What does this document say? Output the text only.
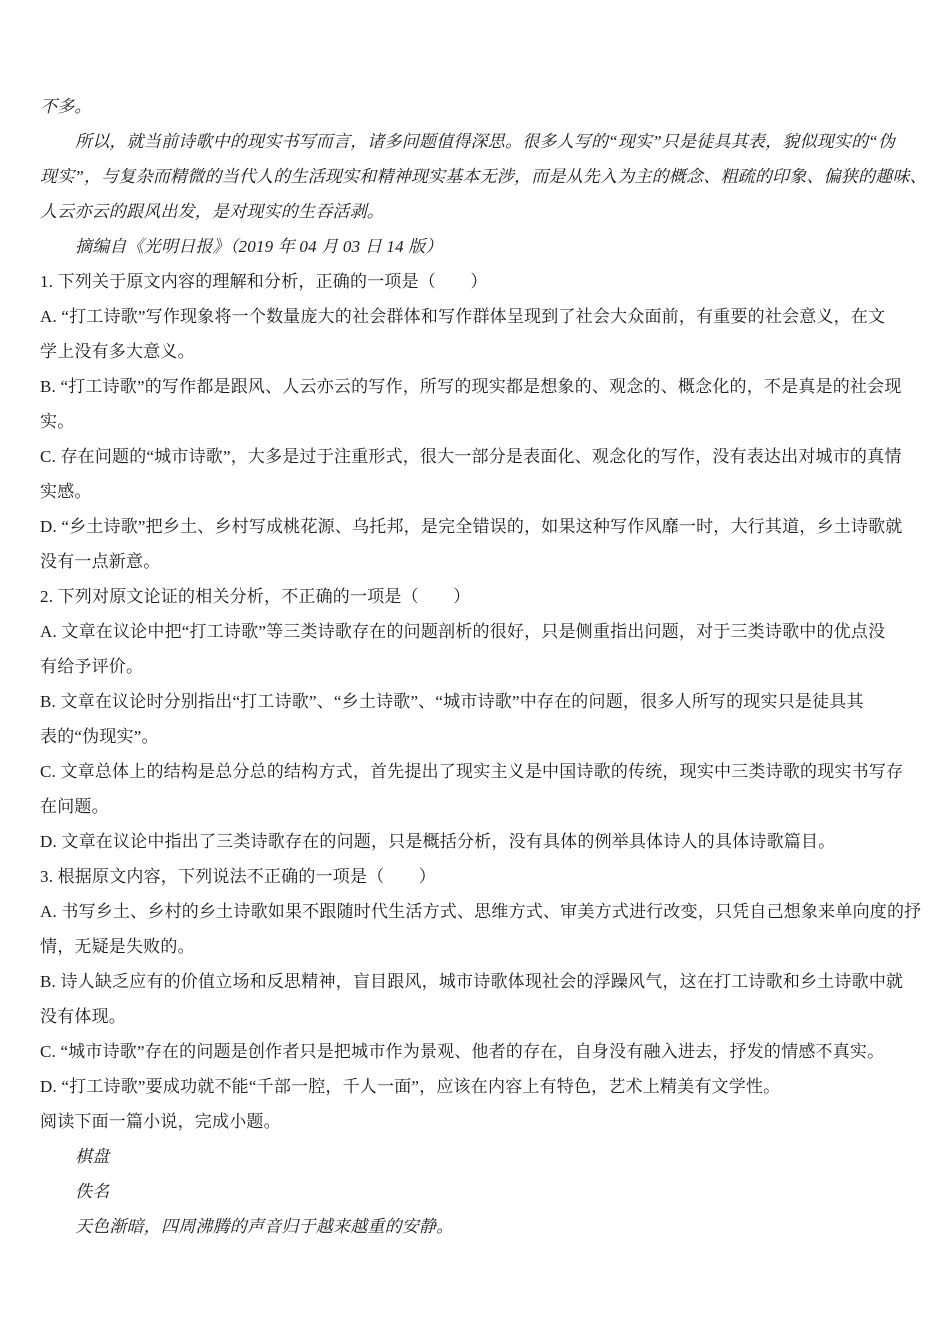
不多。
所以，就当前诗歌中的现实书写而言，诸多问题值得深思。很多人写的“现实”只是徒具其表，貌似现实的“伪
现实”，与复杂而精微的当代人的生活现实和精神现实基本无涉，而是从先入为主的概念、粗疏的印象、偏狭的趣味、
人云亦云的跟风出发，是对现实的生吞活剥。
摘编自《光明日报》（2019 年 04 月 03 日 14 版）
1. 下列关于原文内容的理解和分析，正确的一项是（　　）
A. “打工诗歌”写作现象将一个数量庞大的社会群体和写作群体呈现到了社会大众面前，有重要的社会意义，在文
学上没有多大意义。
B. “打工诗歌”的写作都是跟风、人云亦云的写作，所写的现实都是想象的、观念的、概念化的，不是真是的社会现
实。
C. 存在问题的“城市诗歌”，大多是过于注重形式，很大一部分是表面化、观念化的写作，没有表达出对城市的真情
实感。
D. “乡土诗歌”把乡土、乡村写成桃花源、乌托邦，是完全错误的，如果这种写作风靡一时，大行其道，乡土诗歌就
没有一点新意。
2. 下列对原文论证的相关分析，不正确的一项是（　　）
A. 文章在议论中把“打工诗歌”等三类诗歌存在的问题剖析的很好，只是侧重指出问题，对于三类诗歌中的优点没
有给予评价。
B. 文章在议论时分别指出“打工诗歌”、“乡土诗歌”、“城市诗歌”中存在的问题，很多人所写的现实只是徒具其
表的“伪现实”。
C. 文章总体上的结构是总分总的结构方式，首先提出了现实主义是中国诗歌的传统，现实中三类诗歌的现实书写存
在问题。
D. 文章在议论中指出了三类诗歌存在的问题，只是概括分析，没有具体的例举具体诗人的具体诗歌篇目。
3. 根据原文内容，下列说法不正确的一项是（　　）
A. 书写乡土、乡村的乡土诗歌如果不跟随时代生活方式、思维方式、审美方式进行改变，只凭自己想象来单向度的抒
情，无疑是失败的。
B. 诗人缺乏应有的价值立场和反思精神，盲目跟风，城市诗歌体现社会的浮躁风气，这在打工诗歌和乡土诗歌中就
没有体现。
C. “城市诗歌”存在的问题是创作者只是把城市作为景观、他者的存在，自身没有融入进去，抒发的情感不真实。
D. “打工诗歌”要成功就不能“千部一腔，千人一面”，应该在内容上有特色，艺术上精美有文学性。
阅读下面一篇小说，完成小题。
棋盘
佚名
天色渐暗，四周沸腾的声音归于越来越重的安静。
